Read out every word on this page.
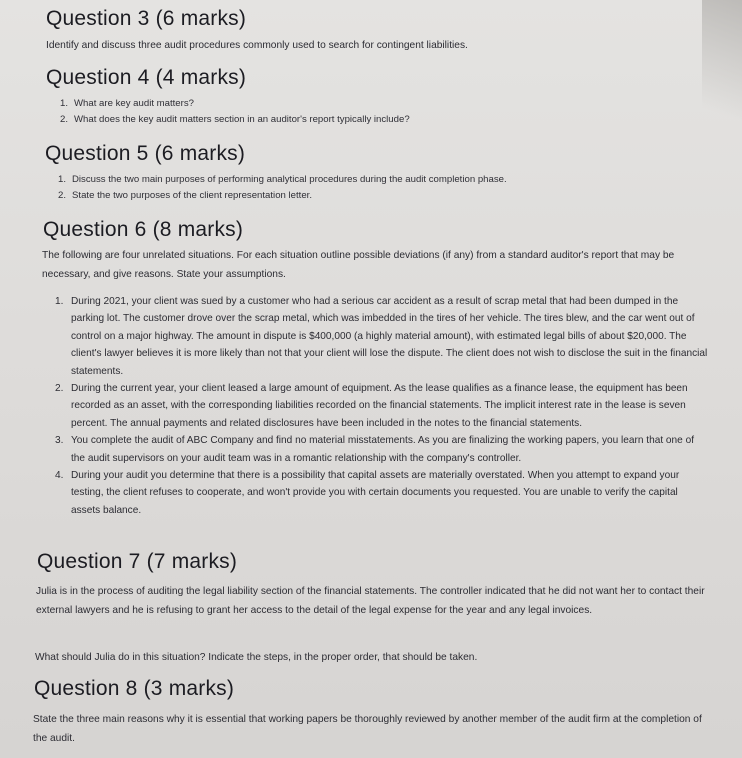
Question 3 (6 marks)

Identify and discuss three audit procedures commonly used to search for contingent liabilities.

Question 4 (4 marks)
1. What are key audit matters?
2. What does the key audit matters section in an auditor's report typically include?
Question 5 (6 marks)
1. Discuss the two main purposes of performing analytical procedures during the audit completion phase.
2. State the two purposes of the client representation letter.
Question 6 (8 marks)

The following are four unrelated situations. For each situation outline possible deviations (if any) from a standard auditor's report that may be necessary, and give reasons. State your assumptions.

1. During 2021, your client was sued by a customer who had a serious car accident as a result of scrap metal that had been dumped in the parking lot. The customer drove over the scrap metal, which was imbedded in the tires of her vehicle. The tires blew, and the car went out of control on a major highway. The amount in dispute is $400,000 (a highly material amount), with estimated legal bills of about $20,000. The client's lawyer believes it is more likely than not that your client will lose the dispute. The client does not wish to disclose the suit in the financial statements.
2. During the current year, your client leased a large amount of equipment. As the lease qualifies as a finance lease, the equipment has been recorded as an asset, with the corresponding liabilities recorded on the financial statements. The implicit interest rate in the lease is seven percent. The annual payments and related disclosures have been included in the notes to the financial statements.
3. You complete the audit of ABC Company and find no material misstatements. As you are finalizing the working papers, you learn that one of the audit supervisors on your audit team was in a romantic relationship with the company's controller.
4. During your audit you determine that there is a possibility that capital assets are materially overstated. When you attempt to expand your testing, the client refuses to cooperate, and won't provide you with certain documents you requested. You are unable to verify the capital assets balance.
Question 7 (7 marks)

Julia is in the process of auditing the legal liability section of the financial statements. The controller indicated that he did not want her to contact their external lawyers and he is refusing to grant her access to the detail of the legal expense for the year and any legal invoices.

What should Julia do in this situation? Indicate the steps, in the proper order, that should be taken.

Question 8 (3 marks)

State the three main reasons why it is essential that working papers be thoroughly reviewed by another member of the audit firm at the completion of the audit.
